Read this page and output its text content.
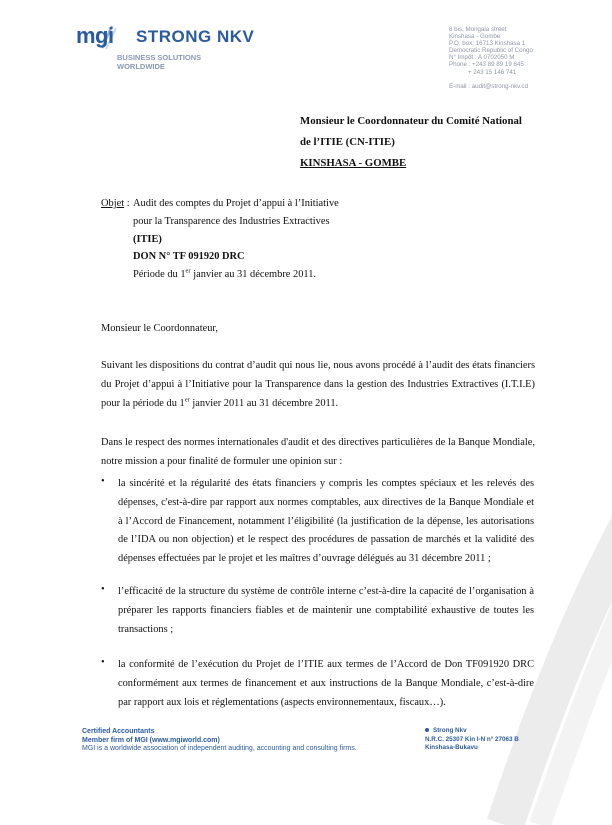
mgi STRONG NKV
BUSINESS SOLUTIONS
WORLDWIDE
8 bis, Mongala street
Kinshasa - Gombe
P.O. box: 16713 Kinshasa 1
Democratic Republic of Congo
N° Impôt : A 0702050 M
Phone : +243 89 89 19 645
+ 243 15 146 741
E-mail : audit@strong-nkv.cd
Monsieur le Coordonnateur du Comité National
de l’ITIE (CN-ITIE)
KINSHASA - GOMBE
Objet : Audit des comptes du Projet d’appui à l’Initiative
pour la Transparence des Industries Extractives
(ITIE)
DON N° TF 091920 DRC
Période du 1er janvier au 31 décembre 2011.
Monsieur le Coordonnateur,
Suivant les dispositions du contrat d’audit qui nous lie, nous avons procédé à l’audit des états financiers du Projet d’appui à l’Initiative pour la Transparence dans la gestion des Industries Extractives (I.T.I.E) pour la période du 1er janvier 2011 au 31 décembre 2011.
Dans le respect des normes internationales d'audit et des directives particulières de la Banque Mondiale, notre mission a pour finalité de formuler une opinion sur :
• la sincérité et la régularité des états financiers y compris les comptes spéciaux et les relevés des dépenses, c'est-à-dire par rapport aux normes comptables, aux directives de la Banque Mondiale et à l’Accord de Financement, notamment l’éligibilité (la justification de la dépense, les autorisations de l’IDA ou non objection) et le respect des procédures de passation de marchés et la validité des dépenses effectuées par le projet et les maîtres d’ouvrage délégués au 31 décembre 2011 ;
• l’efficacité de la structure du système de contrôle interne c’est-à-dire la capacité de l’organisation à préparer les rapports financiers fiables et de maintenir une comptabilité exhaustive de toutes les transactions ;
• la conformité de l’exécution du Projet de l’ITIE aux termes de l’Accord de Don TF091920 DRC conformément aux termes de financement et aux instructions de la Banque Mondiale, c’est-à-dire par rapport aux lois et réglementations (aspects environnementaux, fiscaux…).
Certified Accountants
Member firm of MGI (www.mgiworld.com)
MGI is a worldwide association of independent auditing, accounting and consulting firms.
Strong Nkv
N.R.C. 25307 Kin I-N n° 27063 B
Kinshasa-Bukavu
